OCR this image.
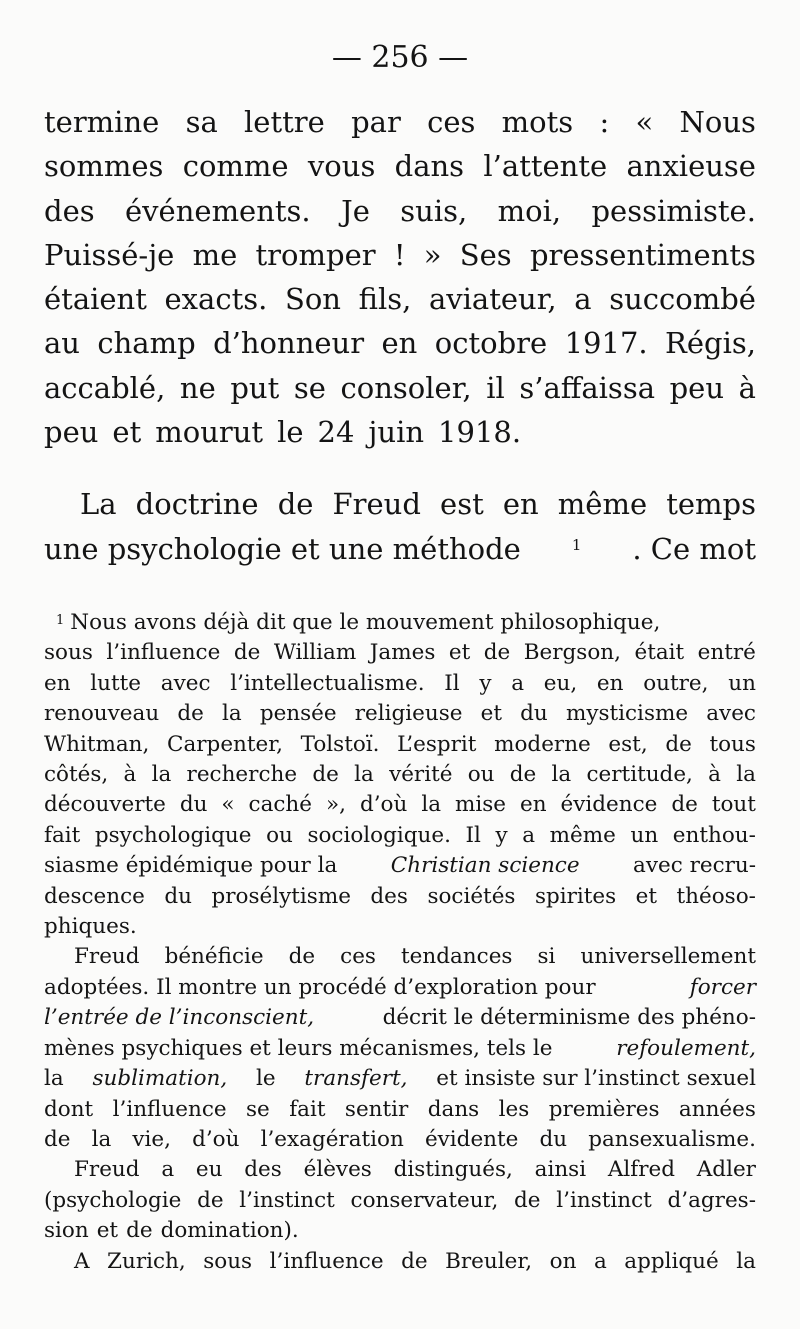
— 256 —
termine sa lettre par ces mots : « Nous
sommes comme vous dans l’attente anxieuse
des événements. Je suis, moi, pessimiste.
Puissé-je me tromper ! » Ses pressentiments
étaient exacts. Son fils, aviateur, a succombé
au champ d’honneur en octobre 1917. Régis,
accablé, ne put se consoler, il s’affaissa peu à
peu et mourut le 24 juin 1918.
La doctrine de Freud est en même temps
une psychologie et une méthode	$^1$ . Ce mot
$^1$ Nous avons déjà dit que le mouvement philosophique,
sous l’influence de William James et de Bergson, était entré
en lutte avec l’intellectualisme. Il y a eu, en outre, un
renouveau de la pensée religieuse et du mysticisme avec
Whitman, Carpenter, Tolstoï. L’esprit moderne est, de tous
côtés, à la recherche de la vérité ou de la certitude, à la
découverte du « caché », d’où la mise en évidence de tout
fait psychologique ou sociologique. Il y a même un enthou-
siasme épidémique pour la Christian science avec recru-
descence du prosélytisme des sociétés spirites et théoso-
phiques.
Freud bénéficie de ces tendances si universellement
adoptées. Il montre un procédé d’exploration pour	forcer
l’entrée de l’inconscient,	décrit le déterminisme des phéno-
mènes psychiques et leurs mécanismes, tels le	refoulement,
la sublimation, le transfert, et insiste sur l’instinct sexuel
dont l’influence se fait sentir dans les premières années
de la vie, d’où l’exagération évidente du pansexualisme.
Freud a eu des élèves distingués, ainsi Alfred Adler
(psychologie de l’instinct conservateur, de l’instinct d’agres-
sion et de domination).
A Zurich, sous l’influence de Breuler, on a appliqué la
